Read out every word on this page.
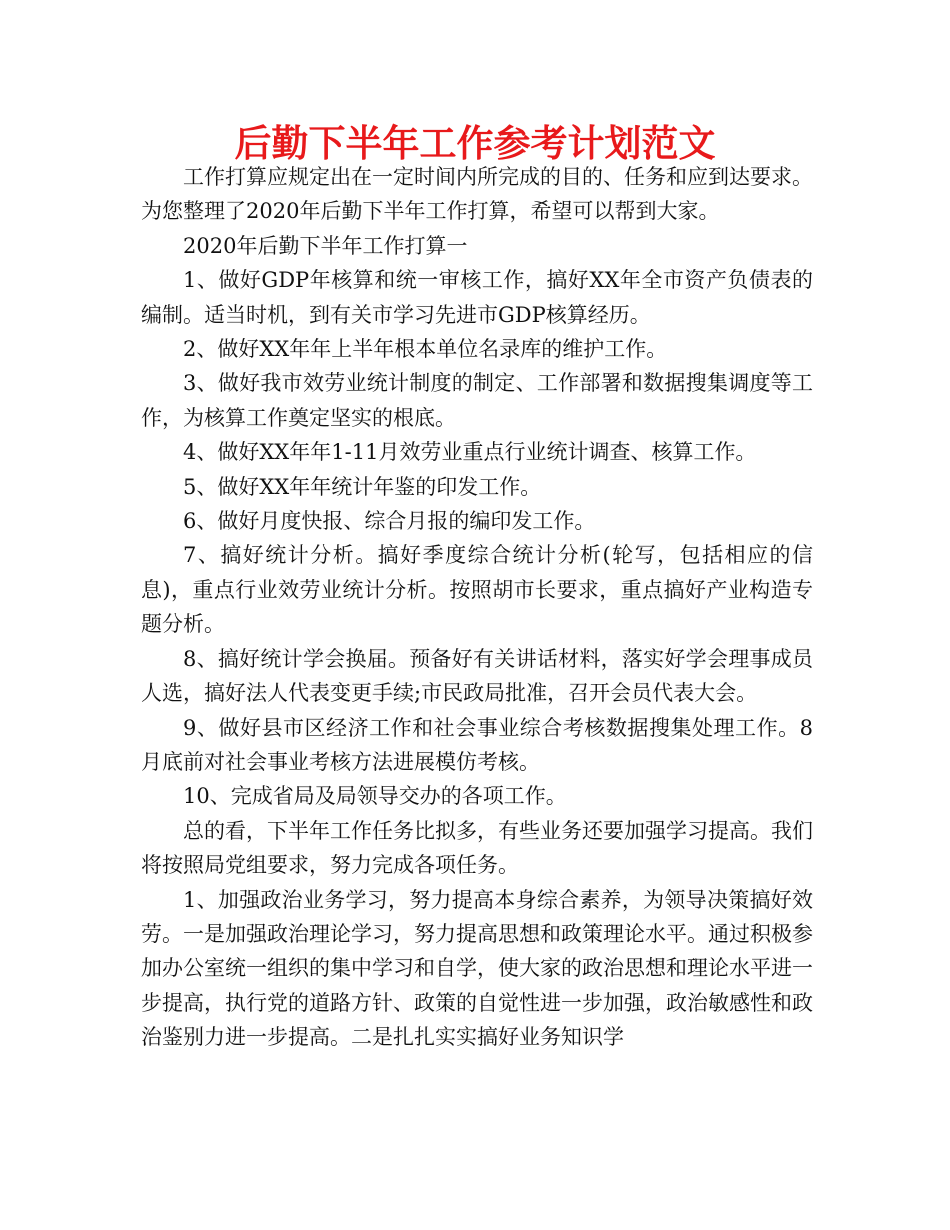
后勤下半年工作参考计划范文

工作打算应规定出在一定时间内所完成的目的、任务和应到达要求。为您整理了2020年后勤下半年工作打算，希望可以帮到大家。

2020年后勤下半年工作打算一

1、做好GDP年核算和统一审核工作，搞好XX年全市资产负债表的编制。适当时机，到有关市学习先进市GDP核算经历。

2、做好XX年年上半年根本单位名录库的维护工作。

3、做好我市效劳业统计制度的制定、工作部署和数据搜集调度等工作，为核算工作奠定坚实的根底。

4、做好XX年年1-11月效劳业重点行业统计调查、核算工作。

5、做好XX年年统计年鉴的印发工作。

6、做好月度快报、综合月报的编印发工作。

7、搞好统计分析。搞好季度综合统计分析(轮写，包括相应的信息)，重点行业效劳业统计分析。按照胡市长要求，重点搞好产业构造专题分析。

8、搞好统计学会换届。预备好有关讲话材料，落实好学会理事成员人选，搞好法人代表变更手续;市民政局批准，召开会员代表大会。

9、做好县市区经济工作和社会事业综合考核数据搜集处理工作。8月底前对社会事业考核方法进展模仿考核。

10、完成省局及局领导交办的各项工作。

总的看，下半年工作任务比拟多，有些业务还要加强学习提高。我们将按照局党组要求，努力完成各项任务。

1、加强政治业务学习，努力提高本身综合素养，为领导决策搞好效劳。一是加强政治理论学习，努力提高思想和政策理论水平。通过积极参加办公室统一组织的集中学习和自学，使大家的政治思想和理论水平进一步提高，执行党的道路方针、政策的自觉性进一步加强，政治敏感性和政治鉴别力进一步提高。二是扎扎实实搞好业务知识学
